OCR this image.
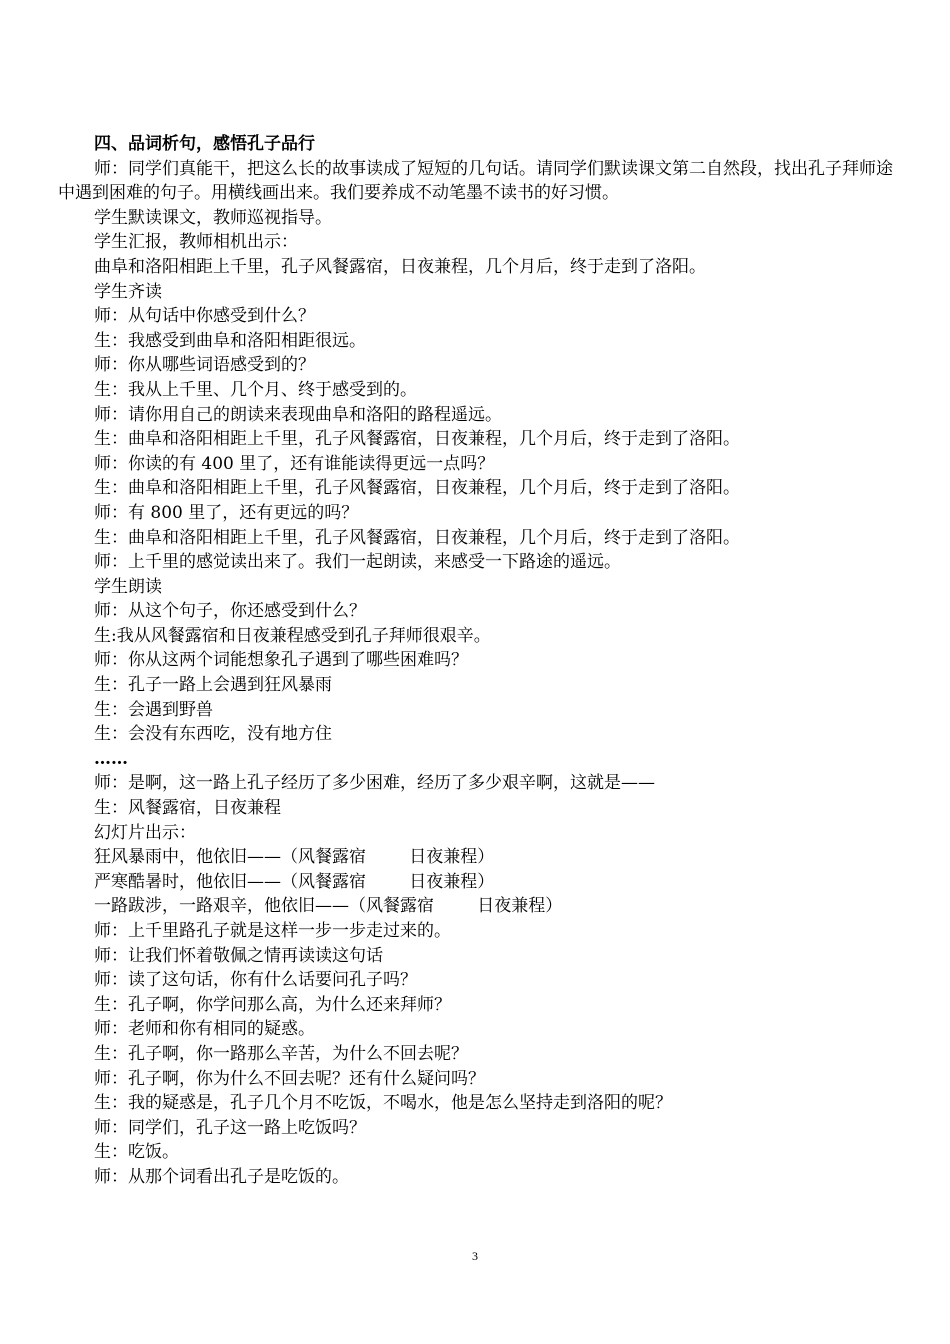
四、品词析句，感悟孔子品行
师：同学们真能干，把这么长的故事读成了短短的几句话。请同学们默读课文第二自然段，找出孔子拜师途中遇到困难的句子。用横线画出来。我们要养成不动笔墨不读书的好习惯。
学生默读课文，教师巡视指导。
学生汇报，教师相机出示：
曲阜和洛阳相距上千里，孔子风餐露宿，日夜兼程，几个月后，终于走到了洛阳。
学生齐读
师：从句话中你感受到什么？
生：我感受到曲阜和洛阳相距很远。
师：你从哪些词语感受到的？
生：我从上千里、几个月、终于感受到的。
师：请你用自己的朗读来表现曲阜和洛阳的路程遥远。
生：曲阜和洛阳相距上千里，孔子风餐露宿，日夜兼程，几个月后，终于走到了洛阳。
师：你读的有 400 里了，还有谁能读得更远一点吗？
生：曲阜和洛阳相距上千里，孔子风餐露宿，日夜兼程，几个月后，终于走到了洛阳。
师：有 800 里了，还有更远的吗？
生：曲阜和洛阳相距上千里，孔子风餐露宿，日夜兼程，几个月后，终于走到了洛阳。
师：上千里的感觉读出来了。我们一起朗读，来感受一下路途的遥远。
学生朗读
师：从这个句子，你还感受到什么？
生:我从风餐露宿和日夜兼程感受到孔子拜师很艰辛。
师：你从这两个词能想象孔子遇到了哪些困难吗？
生：孔子一路上会遇到狂风暴雨
生：会遇到野兽
生：会没有东西吃，没有地方住
……
师：是啊，这一路上孔子经历了多少困难，经历了多少艰辛啊，这就是——
生：风餐露宿，日夜兼程
幻灯片出示：
狂风暴雨中，他依旧——（风餐露宿        日夜兼程）
严寒酷暑时，他依旧——（风餐露宿        日夜兼程）
一路跋涉，一路艰辛，他依旧——（风餐露宿        日夜兼程）
师：上千里路孔子就是这样一步一步走过来的。
师：让我们怀着敬佩之情再读读这句话
师：读了这句话，你有什么话要问孔子吗？
生：孔子啊，你学问那么高，为什么还来拜师？
师：老师和你有相同的疑惑。
生：孔子啊，你一路那么辛苦，为什么不回去呢？
师：孔子啊，你为什么不回去呢？还有什么疑问吗？
生：我的疑惑是，孔子几个月不吃饭，不喝水，他是怎么坚持走到洛阳的呢？
师：同学们，孔子这一路上吃饭吗？
生：吃饭。
师：从那个词看出孔子是吃饭的。
3
